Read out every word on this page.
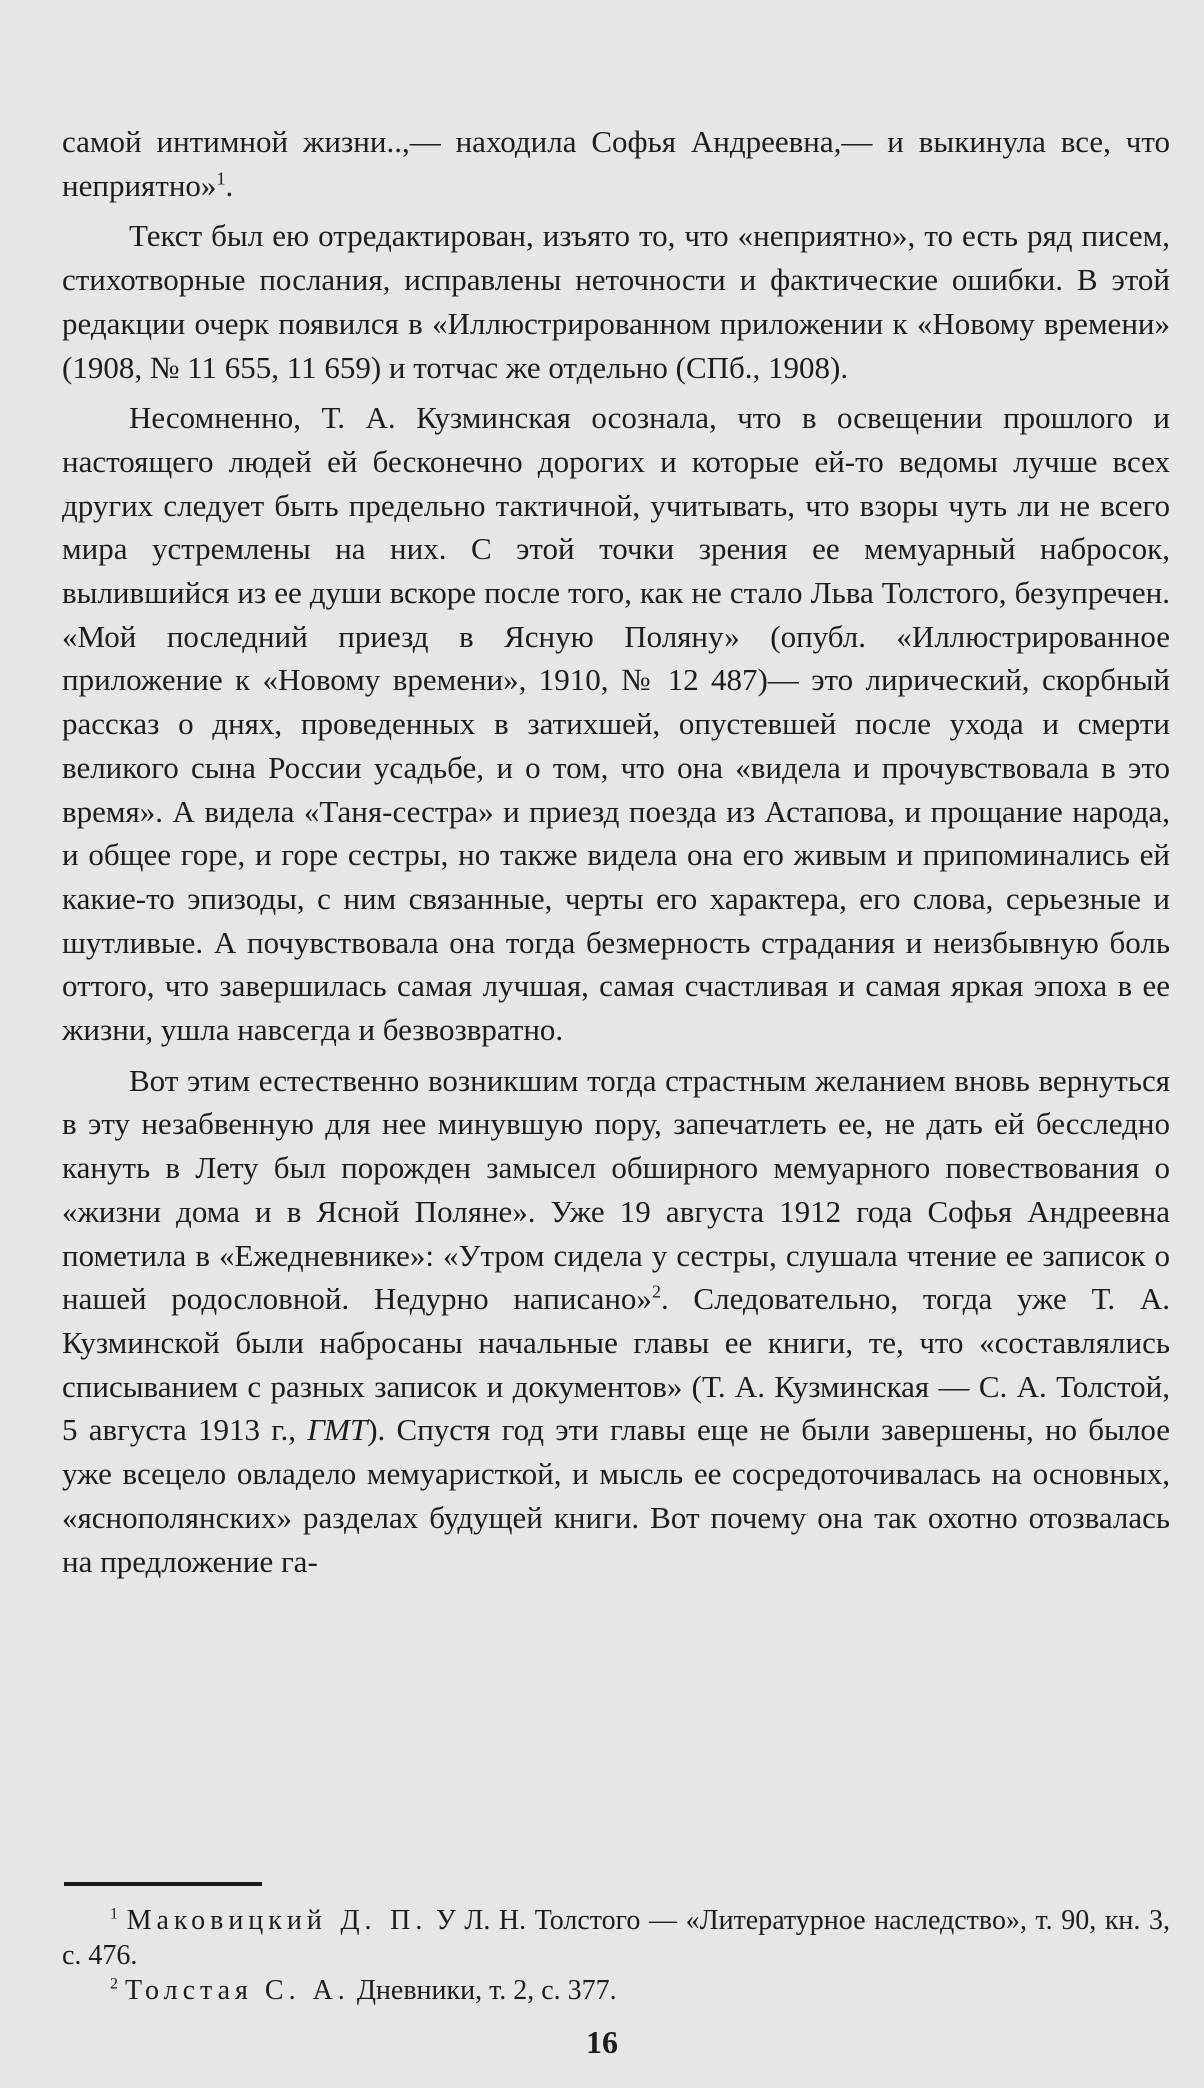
самой интимной жизни..,— находила Софья Андреевна,— и выкинула все, что неприятно»$^1$.

Текст был ею отредактирован, изъято то, что «неприятно», то есть ряд писем, стихотворные послания, исправлены неточности и фактические ошибки. В этой редакции очерк появился в «Иллюстрированном приложении к «Новому времени» (1908, № 11 655, 11 659) и тотчас же отдельно (СПб., 1908).

Несомненно, Т. А. Кузминская осознала, что в освещении прошлого и настоящего людей ей бесконечно дорогих и которые ей-то ведомы лучше всех других следует быть предельно тактичной, учитывать, что взоры чуть ли не всего мира устремлены на них. С этой точки зрения ее мемуарный набросок, вылившийся из ее души вскоре после того, как не стало Льва Толстого, безупречен. «Мой последний приезд в Ясную Поляну» (опубл. «Иллюстрированное приложение к «Новому времени», 1910, № 12 487)— это лирический, скорбный рассказ о днях, проведенных в затихшей, опустевшей после ухода и смерти великого сына России усадьбе, и о том, что она «видела и прочувствовала в это время». А видела «Таня-сестра» и приезд поезда из Астапова, и прощание народа, и общее горе, и горе сестры, но также видела она его живым и припоминались ей какие-то эпизоды, с ним связанные, черты его характера, его слова, серьезные и шутливые. А почувствовала она тогда безмерность страдания и неизбывную боль оттого, что завершилась самая лучшая, самая счастливая и самая яркая эпоха в ее жизни, ушла навсегда и безвозвратно.

Вот этим естественно возникшим тогда страстным желанием вновь вернуться в эту незабвенную для нее минувшую пору, запечатлеть ее, не дать ей бесследно кануть в Лету был порожден замысел обширного мемуарного повествования о «жизни дома и в Ясной Поляне». Уже 19 августа 1912 года Софья Андреевна пометила в «Ежедневнике»: «Утром сидела у сестры, слушала чтение ее записок о нашей родословной. Недурно написано»$^2$. Следовательно, тогда уже Т. А. Кузминской были набросаны начальные главы ее книги, те, что «составлялись списыванием с разных записок и документов» (Т. А. Кузминская — С. А. Толстой, 5 августа 1913 г., ГМТ). Спустя год эти главы еще не были завершены, но былое уже всецело овладело мемуаристкой, и мысль ее сосредоточивалась на основных, «яснополянских» разделах будущей книги. Вот почему она так охотно отозвалась на предложение га-

$^1$ Маковицкий Д. П. У Л. Н. Толстого — «Литературное наследство», т. 90, кн. 3, с. 476.

$^2$ Толстая С. А. Дневники, т. 2, с. 377.

16
